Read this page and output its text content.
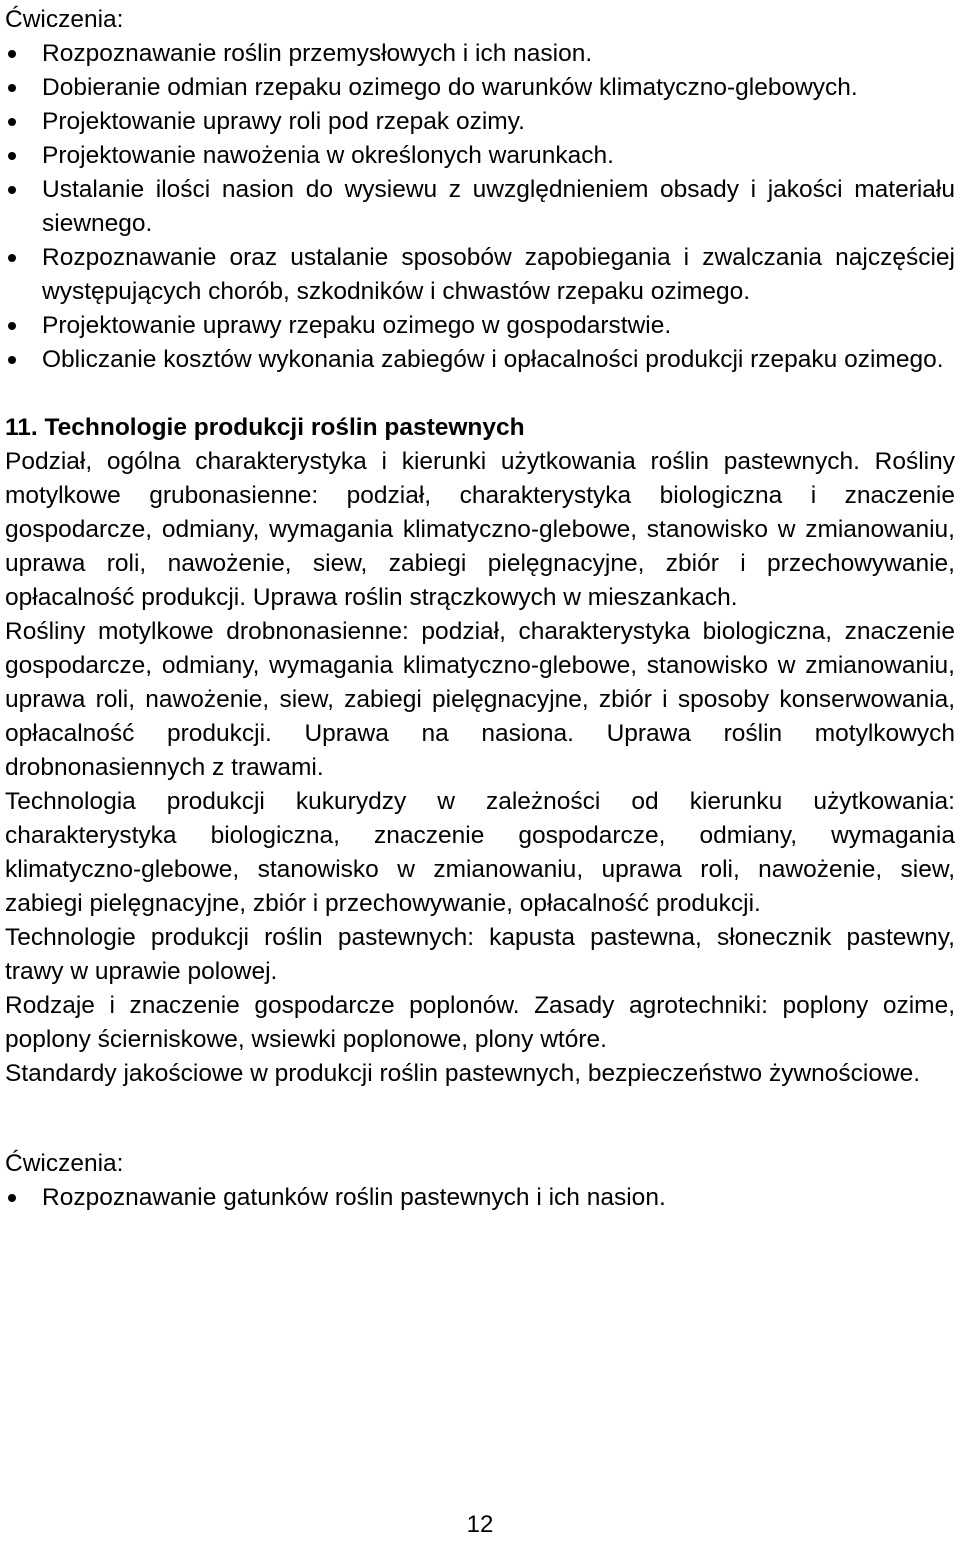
Ćwiczenia:
Rozpoznawanie roślin przemysłowych i ich nasion.
Dobieranie odmian rzepaku ozimego do warunków klimatyczno-glebowych.
Projektowanie uprawy roli pod rzepak ozimy.
Projektowanie nawożenia w określonych warunkach.
Ustalanie ilości nasion do wysiewu z uwzględnieniem obsady i jakości materiału siewnego.
Rozpoznawanie oraz ustalanie sposobów zapobiegania i zwalczania najczęściej występujących chorób, szkodników i chwastów rzepaku ozimego.
Projektowanie uprawy rzepaku ozimego w gospodarstwie.
Obliczanie kosztów wykonania zabiegów i opłacalności produkcji rzepaku ozimego.
11. Technologie produkcji roślin pastewnych

Podział, ogólna charakterystyka i kierunki użytkowania roślin pastewnych. Rośliny motylkowe grubonasienne: podział, charakterystyka biologiczna i znaczenie gospodarcze, odmiany, wymagania klimatyczno-glebowe, stanowisko w zmianowaniu, uprawa roli, nawożenie, siew, zabiegi pielęgnacyjne, zbiór i przechowywanie, opłacalność produkcji. Uprawa roślin strączkowych w mieszankach.

Rośliny motylkowe drobnonasienne: podział, charakterystyka biologiczna, znaczenie gospodarcze, odmiany, wymagania klimatyczno-glebowe, stanowisko w zmianowaniu, uprawa roli, nawożenie, siew, zabiegi pielęgnacyjne, zbiór i sposoby konserwowania, opłacalność produkcji. Uprawa na nasiona. Uprawa roślin motylkowych drobnonasiennych z trawami.

Technologia produkcji kukurydzy w zależności od kierunku użytkowania: charakterystyka biologiczna, znaczenie gospodarcze, odmiany, wymagania klimatyczno-glebowe, stanowisko w zmianowaniu, uprawa roli, nawożenie, siew, zabiegi pielęgnacyjne, zbiór i przechowywanie, opłacalność produkcji.

Technologie produkcji roślin pastewnych: kapusta pastewna, słonecznik pastewny, trawy w uprawie polowej.

Rodzaje i znaczenie gospodarcze poplonów. Zasady agrotechniki: poplony ozime, poplony ścierniskowe, wsiewki poplonowe, plony wtóre.

Standardy jakościowe w produkcji roślin pastewnych, bezpieczeństwo żywnościowe.

Ćwiczenia:
Rozpoznawanie gatunków roślin pastewnych i ich nasion.
12
